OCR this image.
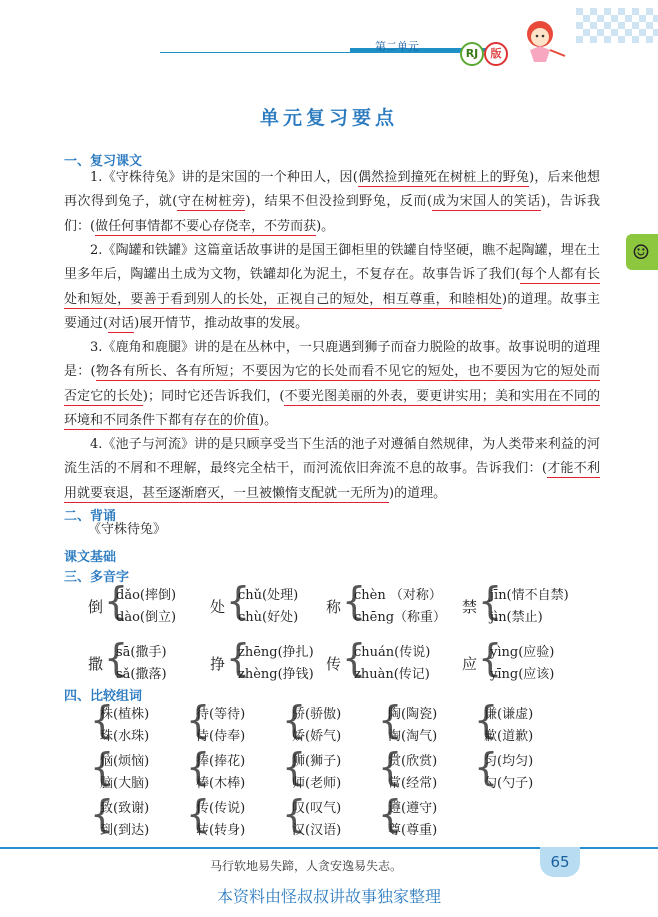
第二单元
RJ	版
单元复习要点
☺
一、复习课文
1.《守株待兔》讲的是宋国的一个种田人，因(偶然捡到撞死在树桩上的野兔)，后来他想再次得到兔子，就(守在树桩旁)，结果不但没捡到野兔，反而(成为宋国人的笑话)，告诉我们：(做任何事情都不要心存侥幸，不劳而获)。
2.《陶罐和铁罐》这篇童话故事讲的是国王御柜里的铁罐自恃坚硬，瞧不起陶罐，埋在土里多年后，陶罐出土成为文物，铁罐却化为泥土，不复存在。故事告诉了我们(每个人都有长处和短处，要善于看到别人的长处，正视自己的短处，相互尊重，和睦相处)的道理。故事主要通过(对话)展开情节，推动故事的发展。
3.《鹿角和鹿腿》讲的是在丛林中，一只鹿遇到狮子而奋力脱险的故事。故事说明的道理是：(物各有所长、各有所短；不要因为它的长处而看不见它的短处，也不要因为它的短处而否定它的长处)；同时它还告诉我们，(不要光图美丽的外表，要更讲实用；美和实用在不同的环境和不同条件下都有存在的价值)。
4.《池子与河流》讲的是只顾享受当下生活的池子对遵循自然规律，为人类带来利益的河流生活的不屑和不理解，最终完全枯干，而河流依旧奔流不息的故事。告诉我们：(才能不利用就要衰退，甚至逐渐磨灭，一旦被懒惰支配就一无所为)的道理。
二、背诵
《守株待兔》
课文基础
三、多音字
倒 {
dǎo(摔倒)
dào(倒立)
处 {
chǔ(处理)
chù(好处)
称 {
chèn （对称）
chēng（称重）
禁 {
jīn(情不自禁)
jìn(禁止)
撒 {
sā(撒手)
sǎ(撒落)
挣 {
zhēng(挣扎)
zhèng(挣钱)
传 {
chuán(传说)
zhuàn(传记)
应 {
yìng(应验)
yīng(应该)
四、比较组词
{
株(植株)
珠(水珠) {
待(等待)
侍(侍奉) {
骄(骄傲)
娇(娇气) {
陶(陶瓷)
淘(淘气) {
谦(谦虚)
歉(道歉)
{
恼(烦恼)
脑(大脑) {
捧(捧花)
棒(木棒) {
狮(狮子)
师(老师) {
赏(欣赏)
常(经常) {
匀(均匀)
勺(勺子)
{
致(致谢)
到(到达) {
传(传说)
转(转身) {
叹(叹气)
汉(汉语) {
遵(遵守)
尊(尊重)
马行软地易失蹄，人贪安逸易失志。	65
本资料由怪叔叔讲故事独家整理
